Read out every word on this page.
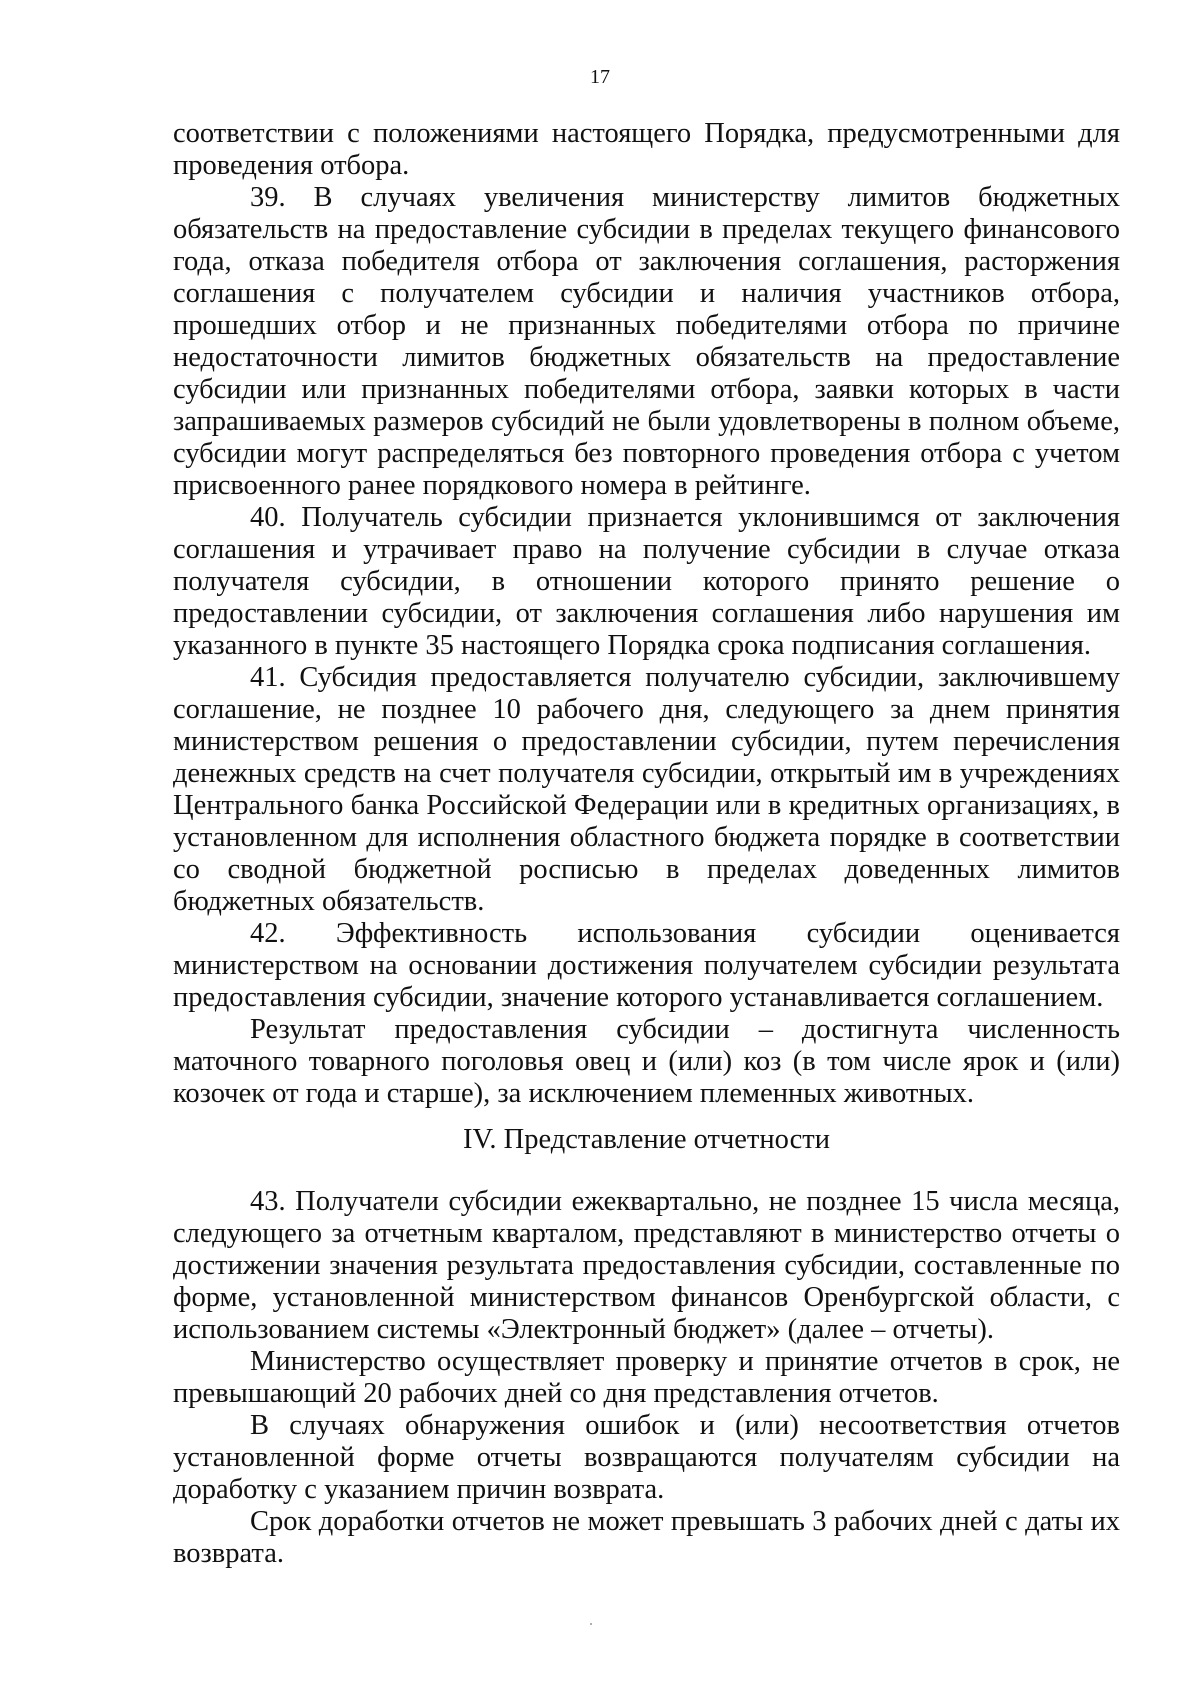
17

соответствии с положениями настоящего Порядка, предусмотренными для проведения отбора.

39. В случаях увеличения министерству лимитов бюджетных обязательств на предоставление субсидии в пределах текущего финансового года, отказа победителя отбора от заключения соглашения, расторжения соглашения с получателем субсидии и наличия участников отбора, прошедших отбор и не признанных победителями отбора по причине недостаточности лимитов бюджетных обязательств на предоставление субсидии или признанных победителями отбора, заявки которых в части запрашиваемых размеров субсидий не были удовлетворены в полном объеме, субсидии могут распределяться без повторного проведения отбора с учетом присвоенного ранее порядкового номера в рейтинге.

40. Получатель субсидии признается уклонившимся от заключения соглашения и утрачивает право на получение субсидии в случае отказа получателя субсидии, в отношении которого принято решение о предоставлении субсидии, от заключения соглашения либо нарушения им указанного в пункте 35 настоящего Порядка срока подписания соглашения.

41. Субсидия предоставляется получателю субсидии, заключившему соглашение, не позднее 10 рабочего дня, следующего за днем принятия министерством решения о предоставлении субсидии, путем перечисления денежных средств на счет получателя субсидии, открытый им в учреждениях Центрального банка Российской Федерации или в кредитных организациях, в установленном для исполнения областного бюджета порядке в соответствии со сводной бюджетной росписью в пределах доведенных лимитов бюджетных обязательств.

42. Эффективность использования субсидии оценивается министерством на основании достижения получателем субсидии результата предоставления субсидии, значение которого устанавливается соглашением.

Результат предоставления субсидии – достигнута численность маточного товарного поголовья овец и (или) коз (в том числе ярок и (или) козочек от года и старше), за исключением племенных животных.

IV. Представление отчетности

43. Получатели субсидии ежеквартально, не позднее 15 числа месяца, следующего за отчетным кварталом, представляют в министерство отчеты о достижении значения результата предоставления субсидии, составленные по форме, установленной министерством финансов Оренбургской области, с использованием системы «Электронный бюджет» (далее – отчеты).

Министерство осуществляет проверку и принятие отчетов в срок, не превышающий 20 рабочих дней со дня представления отчетов.

В случаях обнаружения ошибок и (или) несоответствия отчетов установленной форме отчеты возвращаются получателям субсидии на доработку с указанием причин возврата.

Срок доработки отчетов не может превышать 3 рабочих дней с даты их возврата.
